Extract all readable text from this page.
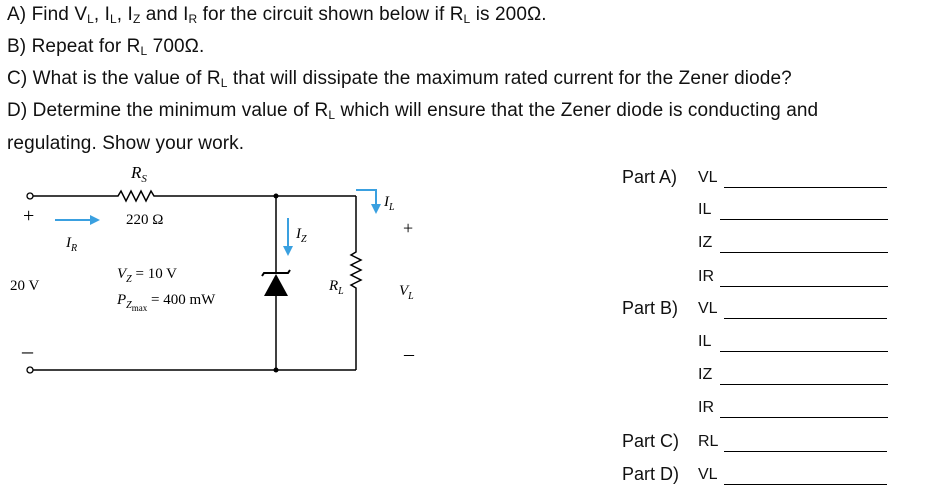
A) Find $V_L$, $I_L$, $I_Z$ and $I_R$ for the circuit shown below if $R_L$ is 200Ω.
B) Repeat for $R_L$ 700Ω.
C) What is the value of $R_L$ that will dissipate the maximum rated current for the Zener diode?
D) Determine the minimum value of $R_L$ which will ensure that the Zener diode is conducting and
regulating. Show your work.
$R_S$
220 Ω
+
20 V
–
$I_R$
$V_Z = 10$ V
$P_{Zmax} = 400$ mW
$I_Z$
$I_L$
+
$R_L$	$V_L$
–
Part A) VL
IL
IZ
IR
Part B) VL
IL
IZ
IR
Part C) RL
Part D) VL
